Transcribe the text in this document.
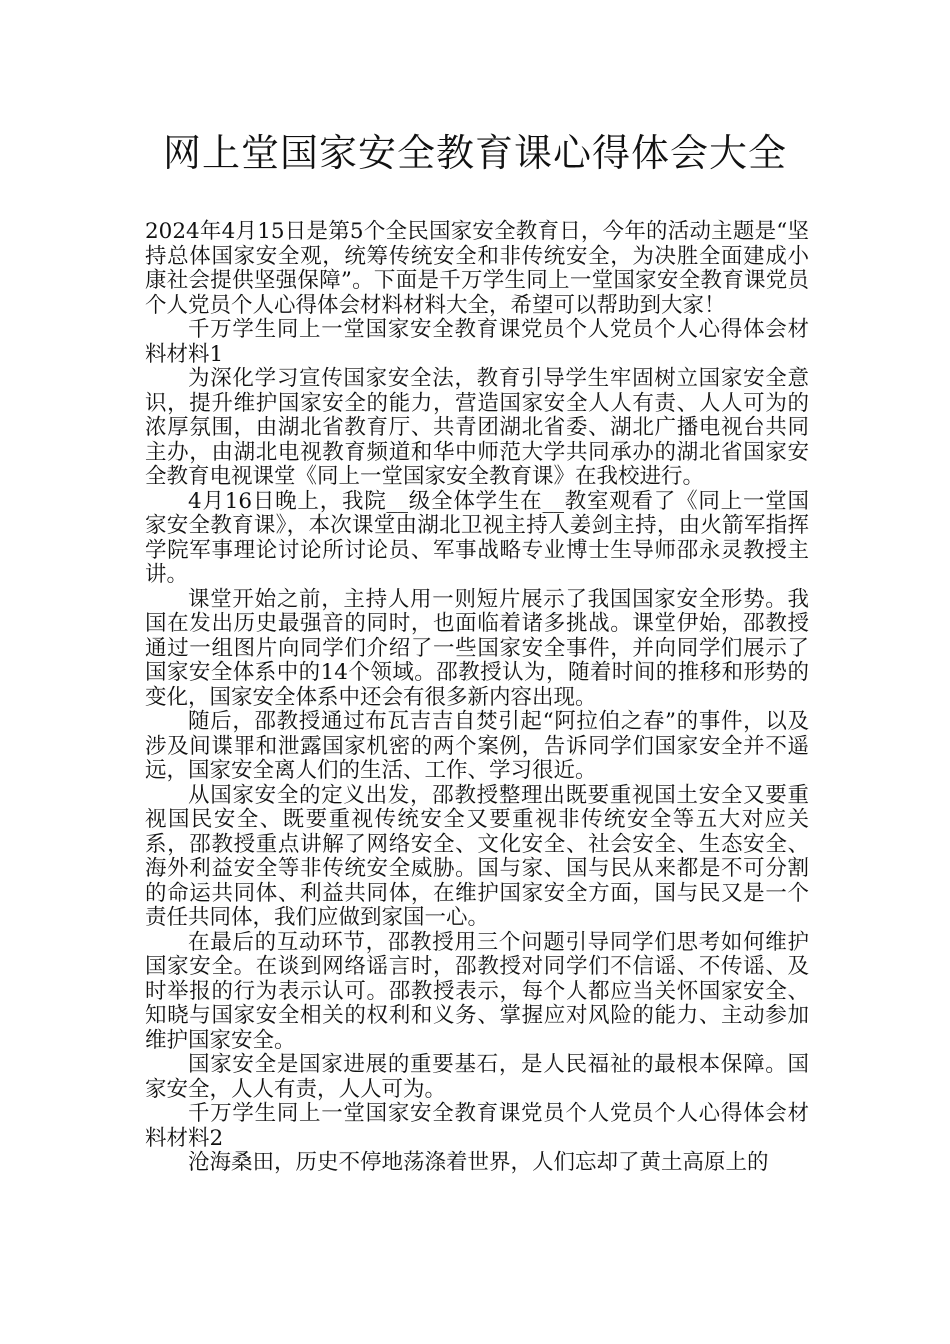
网上堂国家安全教育课心得体会大全

2024年4月15日是第5个全民国家安全教育日，今年的活动主题是“坚持总体国家安全观，统筹传统安全和非传统安全，为决胜全面建成小康社会提供坚强保障”。下面是千万学生同上一堂国家安全教育课党员个人党员个人心得体会材料材料大全，希望可以帮助到大家！

千万学生同上一堂国家安全教育课党员个人党员个人心得体会材料材料1

为深化学习宣传国家安全法，教育引导学生牢固树立国家安全意识，提升维护国家安全的能力，营造国家安全人人有责、人人可为的浓厚氛围，由湖北省教育厅、共青团湖北省委、湖北广播电视台共同主办，由湖北电视教育频道和华中师范大学共同承办的湖北省国家安全教育电视课堂《同上一堂国家安全教育课》在我校进行。

4月16日晚上，我院__级全体学生在__教室观看了《同上一堂国家安全教育课》，本次课堂由湖北卫视主持人姜剑主持，由火箭军指挥学院军事理论讨论所讨论员、军事战略专业博士生导师邵永灵教授主讲。

课堂开始之前，主持人用一则短片展示了我国国家安全形势。我国在发出历史最强音的同时，也面临着诸多挑战。课堂伊始，邵教授通过一组图片向同学们介绍了一些国家安全事件，并向同学们展示了国家安全体系中的14个领域。邵教授认为，随着时间的推移和形势的变化，国家安全体系中还会有很多新内容出现。

随后，邵教授通过布瓦吉吉自焚引起“阿拉伯之春”的事件，以及涉及间谍罪和泄露国家机密的两个案例，告诉同学们国家安全并不遥远，国家安全离人们的生活、工作、学习很近。

从国家安全的定义出发，邵教授整理出既要重视国土安全又要重视国民安全、既要重视传统安全又要重视非传统安全等五大对应关系，邵教授重点讲解了网络安全、文化安全、社会安全、生态安全、海外利益安全等非传统安全威胁。国与家、国与民从来都是不可分割的命运共同体、利益共同体，在维护国家安全方面，国与民又是一个责任共同体，我们应做到家国一心。

在最后的互动环节，邵教授用三个问题引导同学们思考如何维护国家安全。在谈到网络谣言时，邵教授对同学们不信谣、不传谣、及时举报的行为表示认可。邵教授表示，每个人都应当关怀国家安全、知晓与国家安全相关的权利和义务、掌握应对风险的能力、主动参加维护国家安全。

国家安全是国家进展的重要基石，是人民福祉的最根本保障。国家安全，人人有责，人人可为。

千万学生同上一堂国家安全教育课党员个人党员个人心得体会材料材料2

沧海桑田，历史不停地荡涤着世界，人们忘却了黄土高原上的
